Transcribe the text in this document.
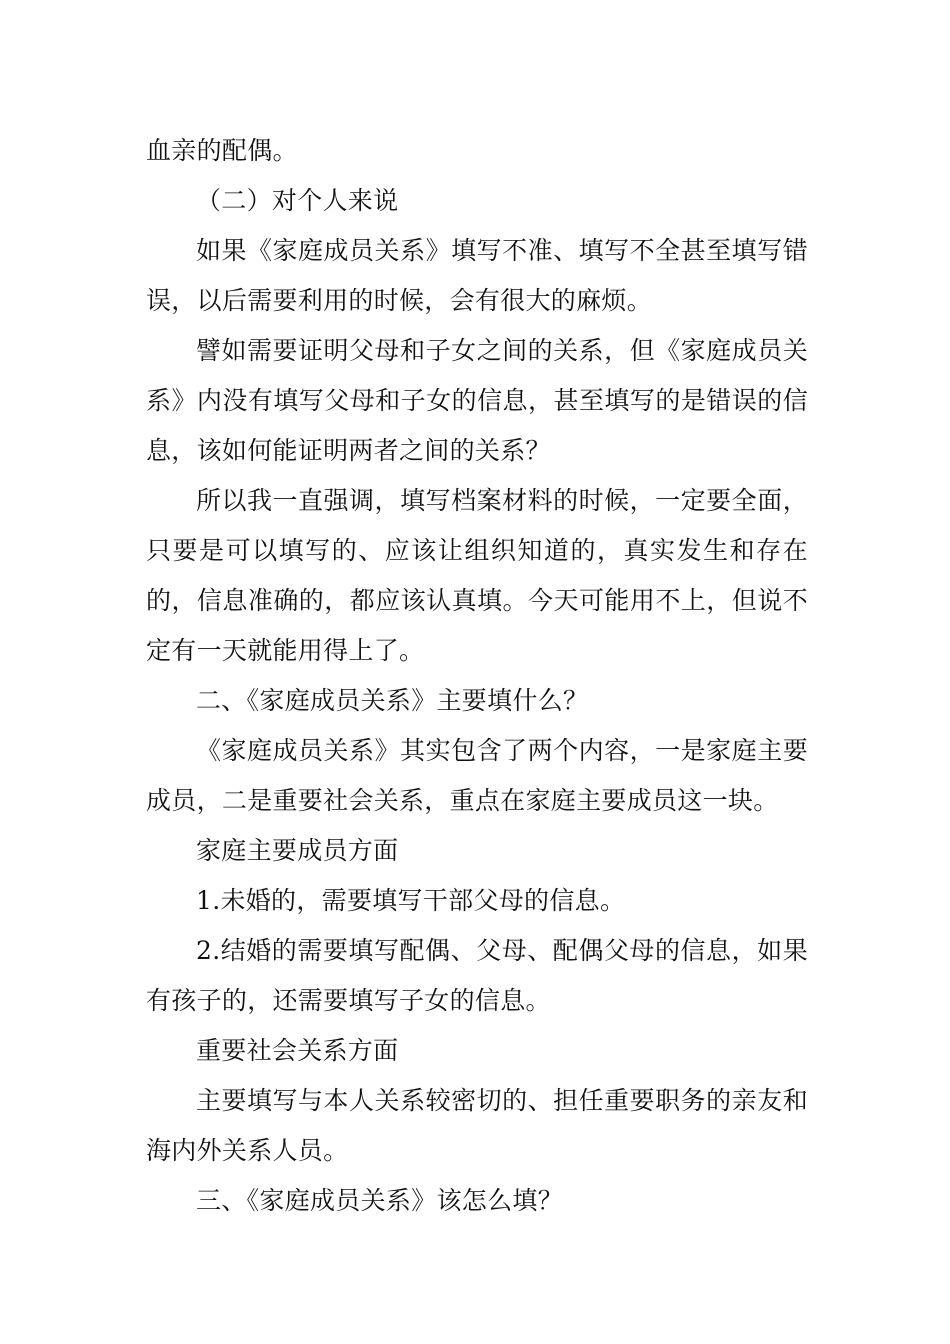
血亲的配偶。

（二）对个人来说

如果《家庭成员关系》填写不准、填写不全甚至填写错误，以后需要利用的时候，会有很大的麻烦。

譬如需要证明父母和子女之间的关系，但《家庭成员关系》内没有填写父母和子女的信息，甚至填写的是错误的信息，该如何能证明两者之间的关系？

所以我一直强调，填写档案材料的时候，一定要全面，只要是可以填写的、应该让组织知道的，真实发生和存在的，信息准确的，都应该认真填。今天可能用不上，但说不定有一天就能用得上了。

二、《家庭成员关系》主要填什么？

《家庭成员关系》其实包含了两个内容，一是家庭主要成员，二是重要社会关系，重点在家庭主要成员这一块。

家庭主要成员方面

1.未婚的，需要填写干部父母的信息。

2.结婚的需要填写配偶、父母、配偶父母的信息，如果有孩子的，还需要填写子女的信息。

重要社会关系方面

主要填写与本人关系较密切的、担任重要职务的亲友和海内外关系人员。

三、《家庭成员关系》该怎么填？
